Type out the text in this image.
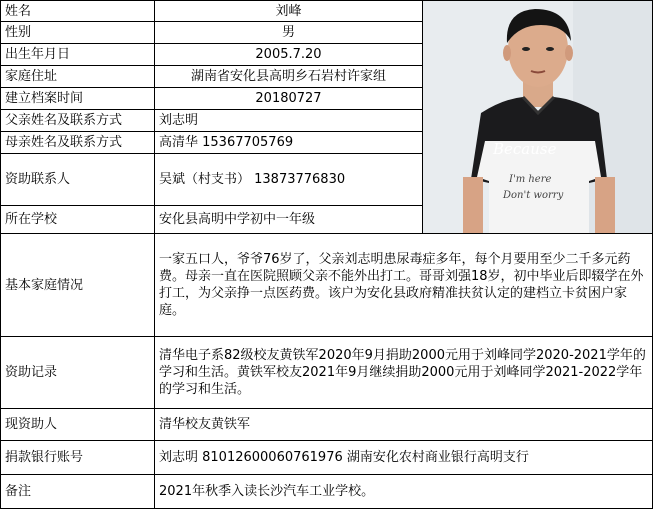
姓名	刘峰	Because
I'm here
Don't worry

性别	男	
出生年月日	2005.7.20	
家庭住址	湖南省安化县高明乡石岩村许家组	
建立档案时间	20180727	
父亲姓名及联系方式	刘志明	
母亲姓名及联系方式	高清华 15367705769	
资助联系人	吴斌（村支书） 13873776830	
所在学校	安化县高明中学初中一年级	
基本家庭情况	一家五口人，爷爷76岁了，父亲刘志明患尿毒症多年，每个月要用至少二千多元药费。母亲一直在医院照顾父亲不能外出打工。哥哥刘强18岁，初中毕业后即辍学在外打工，为父亲挣一点医药费。该户为安化县政府精准扶贫认定的建档立卡贫困户家庭。	
资助记录	清华电子系82级校友黄铁军2020年9月捐助2000元用于刘峰同学2020-2021学年的学习和生活。黄铁军校友2021年9月继续捐助2000元用于刘峰同学2021-2022学年的学习和生活。	
现资助人	清华校友黄铁军	
捐款银行账号	刘志明 81012600060761976 湖南安化农村商业银行高明支行	
备注	2021年秋季入读长沙汽车工业学校。	
